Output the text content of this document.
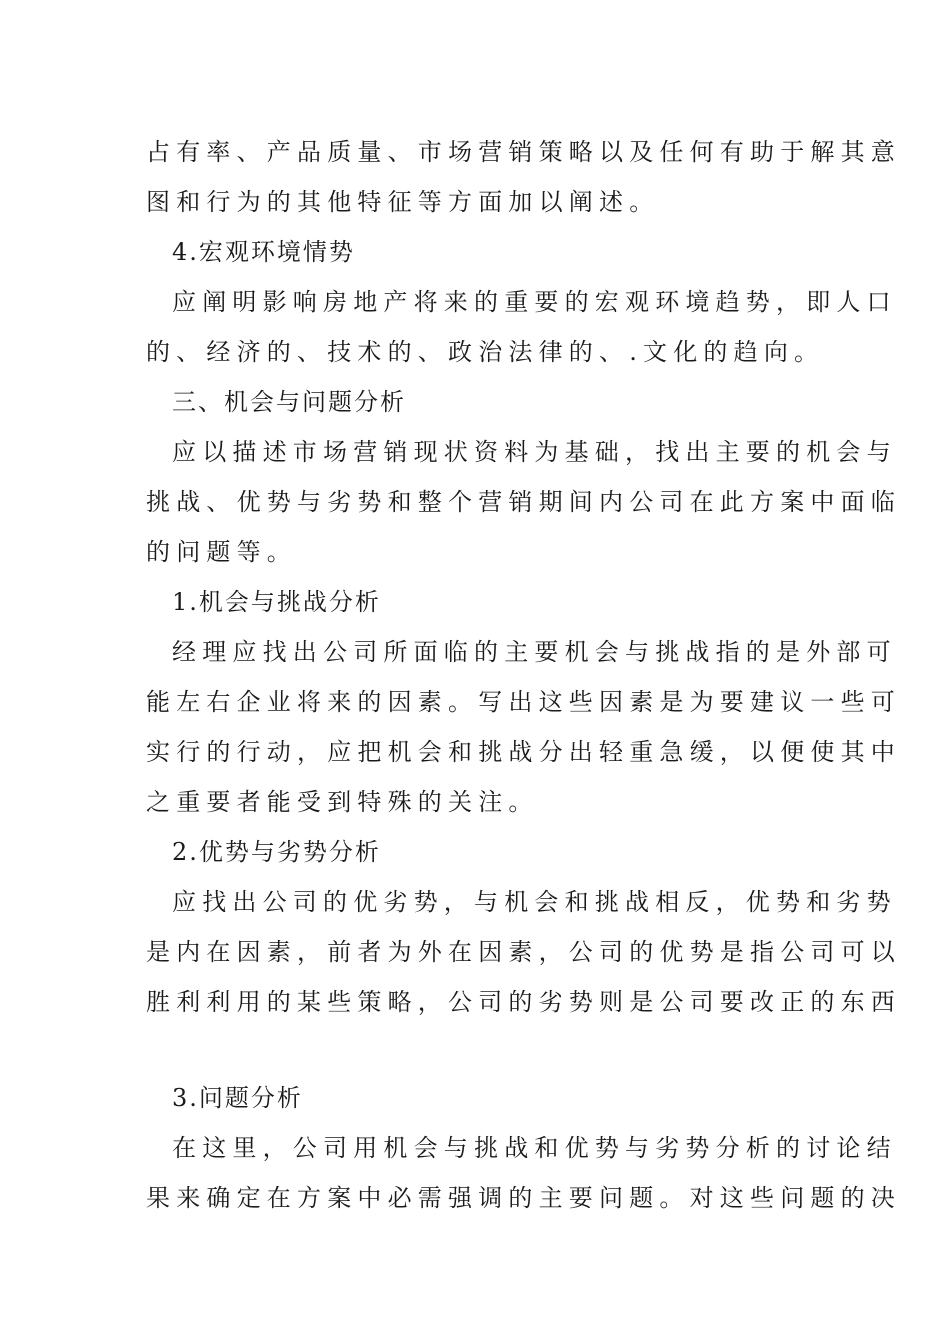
占有率、产品质量、市场营销策略以及任何有助于解其意
图和行为的其他特征等方面加以阐述。
4.宏观环境情势
应阐明影响房地产将来的重要的宏观环境趋势，即人口
的、经济的、技术的、政治法律的、.文化的趋向。
三、机会与问题分析
应以描述市场营销现状资料为基础，找出主要的机会与
挑战、优势与劣势和整个营销期间内公司在此方案中面临
的问题等。
1.机会与挑战分析
经理应找出公司所面临的主要机会与挑战指的是外部可
能左右企业将来的因素。写出这些因素是为要建议一些可
实行的行动，应把机会和挑战分出轻重急缓，以便使其中
之重要者能受到特殊的关注。
2.优势与劣势分析
应找出公司的优劣势，与机会和挑战相反，优势和劣势
是内在因素，前者为外在因素，公司的优势是指公司可以
胜利利用的某些策略，公司的劣势则是公司要改正的东西
3.问题分析
在这里，公司用机会与挑战和优势与劣势分析的讨论结
果来确定在方案中必需强调的主要问题。对这些问题的决
